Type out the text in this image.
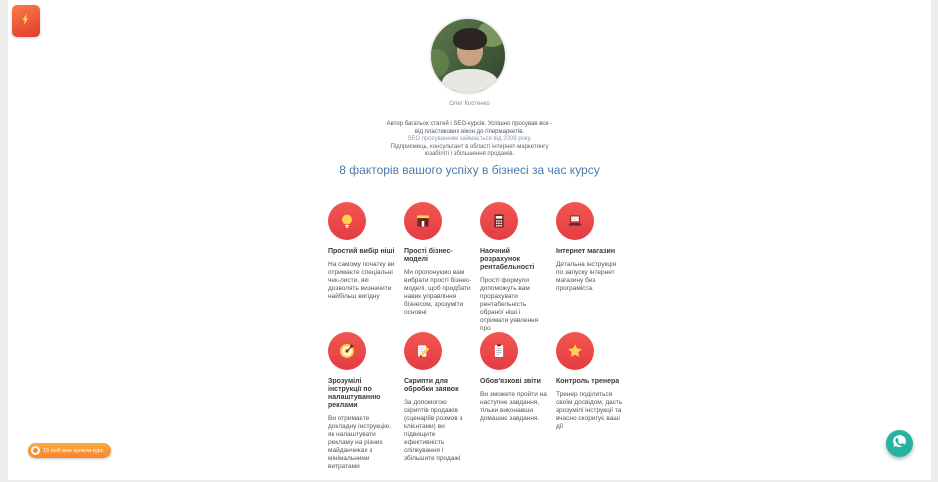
Олег Костенко
Автор багатьох статей і SEO-курсів. Успішно просував все - від пластикових вікон до гіпермаркетів.
SEO просуванням займається від 2009 року.
Підприємець, консультант в області інтернет-маркетингу юзабіліті і збільшення продажів.
8 факторів вашого успіху в бізнесі за час курсу
Простий вибір ніші
На самому початку ви отримаєте спеціальні чек-листи, які дозволять визначити найбільш вигідну
Прості бізнес-моделі
Ми пропонуємо вам вибрати прості бізнес-моделі, щоб придбати навик управління бізнесом, зрозуміти основні
Наочний розрахунок рентабельності
Прості формули допоможуть вам прорахувати рентабельність обраної ніші і отримати уявлення про
Інтернет магазин
Детальна інструкція по запуску інтернет магазину без програміста.
Зрозумілі інструкції по налаштуванню реклами
Ви отримаєте докладну інструкцію, як налаштувати рекламу на різних майданчиках з мінімальними витратами
Скрипти для обробки заявок
За допомогою скриптів продажів (сценаріїв розмов з клієнтами) ви підвищите ефективність спілкування і збільшите продажі
Обов'язкові звіти
Ви зможете пройти на наступне завдання, тільки виконавши домашнє завдання.
Контроль тренера
Тренер поділиться своїм досвідом, дасть зрозумілі інструкції та вчасно скоригує ваші дії
15 осіб вже купили курс
